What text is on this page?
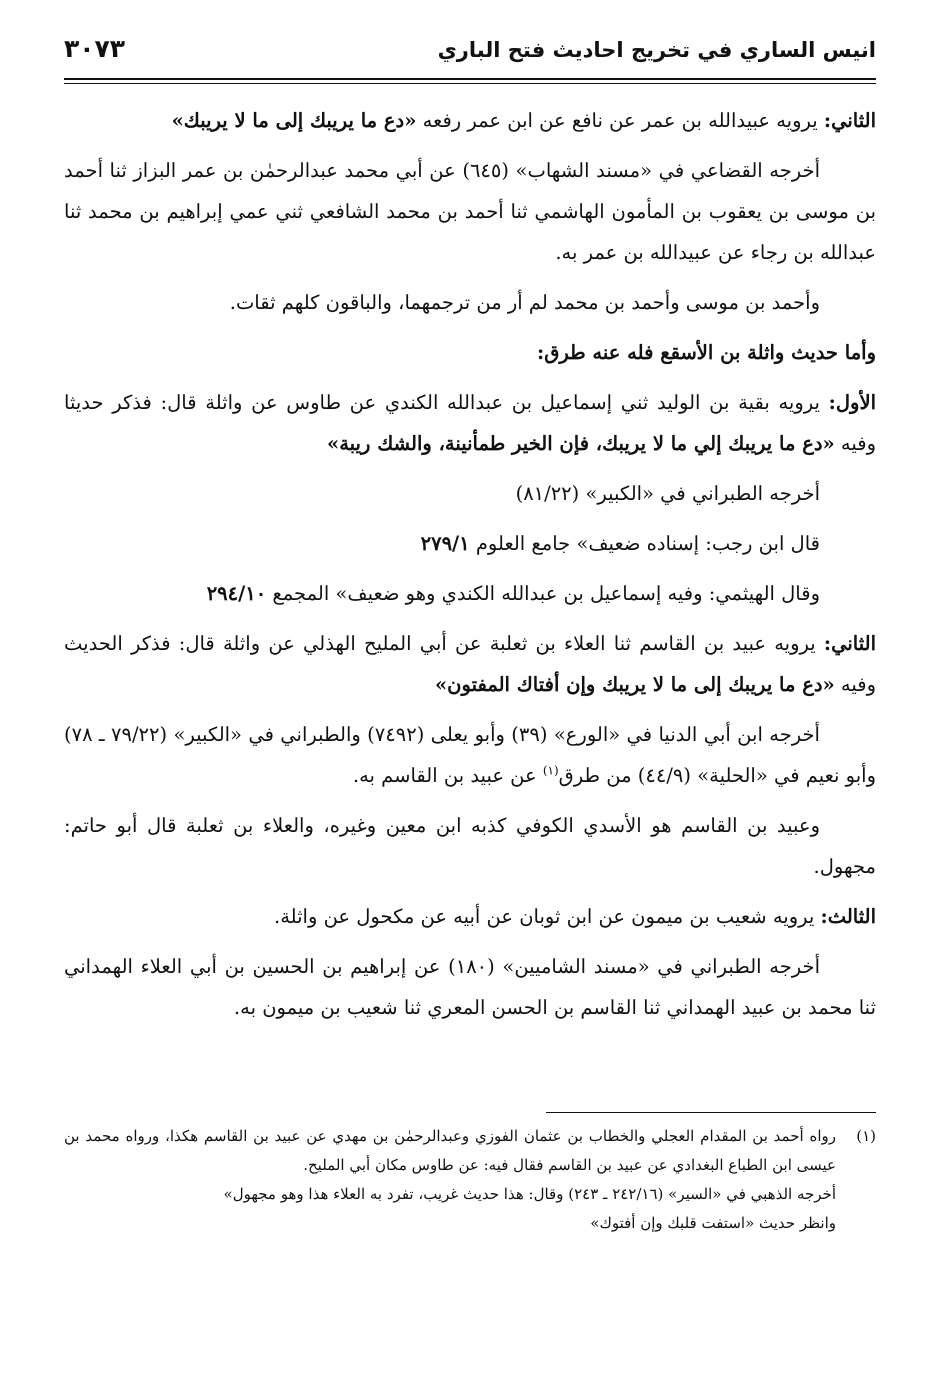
انيس الساري في تخريج احاديث فتح الباري
٣٠٧٣

الثاني: يرويه عبيدالله بن عمر عن نافع عن ابن عمر رفعه «دع ما يريبك إلى ما لا يريبك»

أخرجه القضاعي في «مسند الشهاب» (٦٤٥) عن أبي محمد عبدالرحمٰن بن عمر البزاز ثنا أحمد بن موسى بن يعقوب بن المأمون الهاشمي ثنا أحمد بن محمد الشافعي ثني عمي إبراهيم بن محمد ثنا عبدالله بن رجاء عن عبيدالله بن عمر به.

وأحمد بن موسى وأحمد بن محمد لم أر من ترجمهما، والباقون كلهم ثقات.

وأما حديث واثلة بن الأسقع فله عنه طرق:

الأول: يرويه بقية بن الوليد ثني إسماعيل بن عبدالله الكندي عن طاوس عن واثلة قال: فذكر حديثا وفيه «دع ما يريبك إلي ما لا يريبك، فإن الخير طمأنينة، والشك ريبة»

أخرجه الطبراني في «الكبير» (٨١/٢٢)

قال ابن رجب: إسناده ضعيف» جامع العلوم ٢٧٩/١

وقال الهيثمي: وفيه إسماعيل بن عبدالله الكندي وهو ضعيف» المجمع ٢٩٤/١٠

الثاني: يرويه عبيد بن القاسم ثنا العلاء بن ثعلبة عن أبي المليح الهذلي عن واثلة قال: فذكر الحديث وفيه «دع ما يريبك إلى ما لا يريبك وإن أفتاك المفتون»

أخرجه ابن أبي الدنيا في «الورع» (٣٩) وأبو يعلى (٧٤٩٢) والطبراني في «الكبير» (٧٩/٢٢ ـ ٧٨) وأبو نعيم في «الحلية» (٤٤/٩) من طرق$^{(١)}$ عن عبيد بن القاسم به.

وعبيد بن القاسم هو الأسدي الكوفي كذبه ابن معين وغيره، والعلاء بن ثعلبة قال أبو حاتم: مجهول.

الثالث: يرويه شعيب بن ميمون عن ابن ثوبان عن أبيه عن مكحول عن واثلة.

أخرجه الطبراني في «مسند الشاميين» (١٨٠) عن إبراهيم بن الحسين بن أبي العلاء الهمداني ثنا محمد بن عبيد الهمداني ثنا القاسم بن الحسن المعري ثنا شعيب بن ميمون به.

(١)
رواه أحمد بن المقدام العجلي والخطاب بن عثمان الفوزي وعبدالرحمٰن بن مهدي عن عبيد بن القاسم هكذا، ورواه محمد بن عيسى ابن الطباع البغدادي عن عبيد بن القاسم فقال فيه: عن طاوس مكان أبي المليح.

أخرجه الذهبي في «السير» (٢٤٢/١٦ ـ ٢٤٣) وقال: هذا حديث غريب، تفرد به العلاء هذا وهو مجهول»

وانظر حديث «استفت قلبك وإن أفتوك»
